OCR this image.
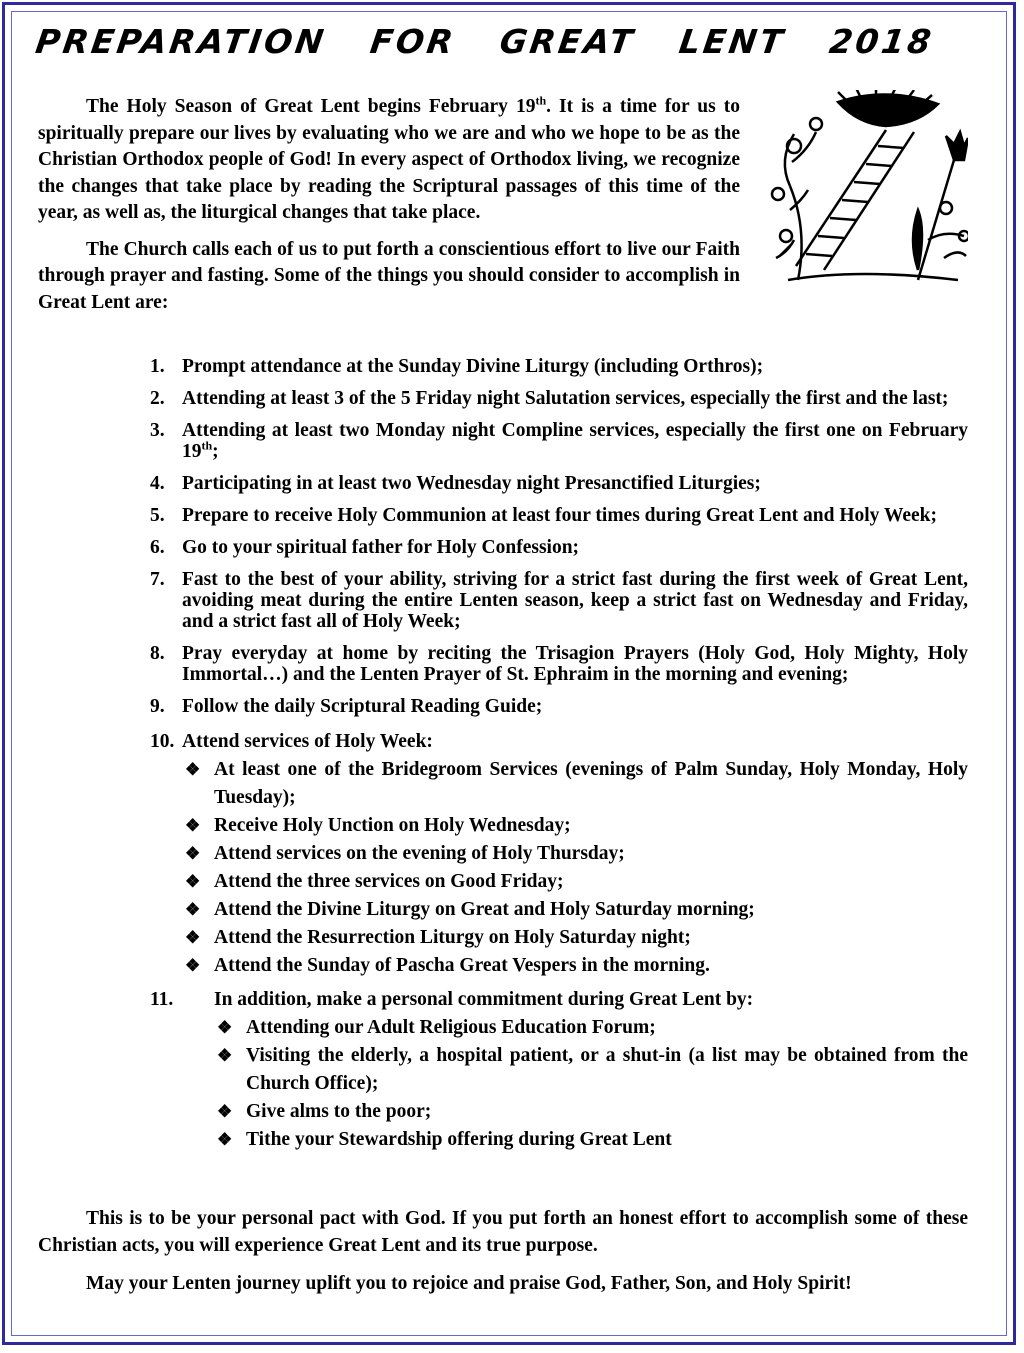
PREPARATION FOR GREAT LENT 2018

The Holy Season of Great Lent begins February 19th. It is a time for us to spiritually prepare our lives by evaluating who we are and who we hope to be as the Christian Orthodox people of God! In every aspect of Orthodox living, we recognize the changes that take place by reading the Scriptural passages of this time of the year, as well as, the liturgical changes that take place.

The Church calls each of us to put forth a conscientious effort to live our Faith through prayer and fasting. Some of the things you should consider to accomplish in Great Lent are:

1. Prompt attendance at the Sunday Divine Liturgy (including Orthros);
2. Attending at least 3 of the 5 Friday night Salutation services, especially the first and the last;
3. Attending at least two Monday night Compline services, especially the first one on February 19th;
4. Participating in at least two Wednesday night Presanctified Liturgies;
5. Prepare to receive Holy Communion at least four times during Great Lent and Holy Week;
6. Go to your spiritual father for Holy Confession;
7. Fast to the best of your ability, striving for a strict fast during the first week of Great Lent, avoiding meat during the entire Lenten season, keep a strict fast on Wednesday and Friday, and a strict fast all of Holy Week;
8. Pray everyday at home by reciting the Trisagion Prayers (Holy God, Holy Mighty, Holy Immortal…) and the Lenten Prayer of St. Ephraim in the morning and evening;
9. Follow the daily Scriptural Reading Guide;
10. Attend services of Holy Week:
❖ At least one of the Bridegroom Services (evenings of Palm Sunday, Holy Monday, Holy Tuesday);
❖ Receive Holy Unction on Holy Wednesday;
❖ Attend services on the evening of Holy Thursday;
❖ Attend the three services on Good Friday;
❖ Attend the Divine Liturgy on Great and Holy Saturday morning;
❖ Attend the Resurrection Liturgy on Holy Saturday night;
❖ Attend the Sunday of Pascha Great Vespers in the morning.
11. In addition, make a personal commitment during Great Lent by:
❖ Attending our Adult Religious Education Forum;
❖ Visiting the elderly, a hospital patient, or a shut-in (a list may be obtained from the Church Office);
❖ Give alms to the poor;
❖ Tithe your Stewardship offering during Great Lent

This is to be your personal pact with God. If you put forth an honest effort to accomplish some of these Christian acts, you will experience Great Lent and its true purpose.

May your Lenten journey uplift you to rejoice and praise God, Father, Son, and Holy Spirit!
